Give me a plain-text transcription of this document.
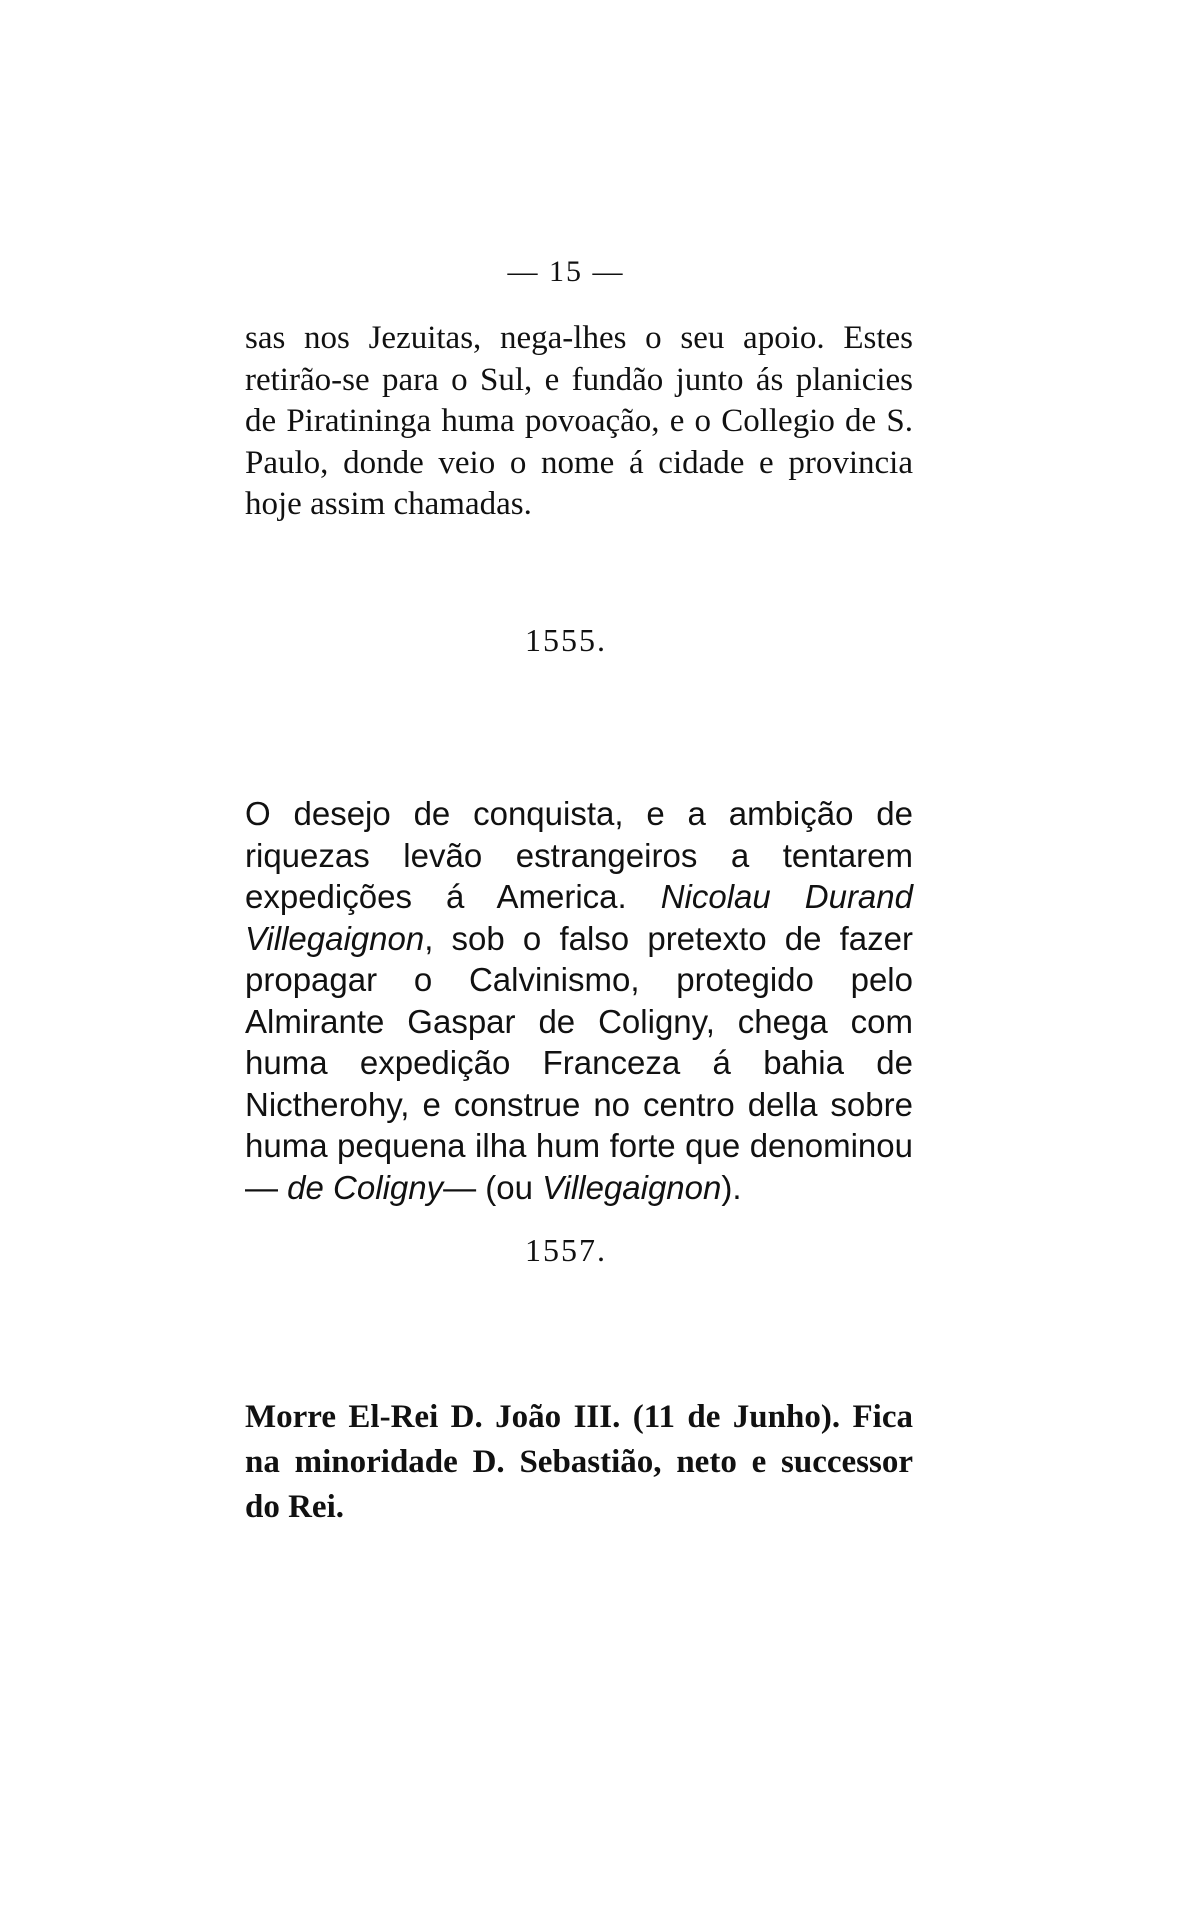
— 15 —

sas nos Jezuitas, nega-lhes o seu apoio. Estes retirão-se para o Sul, e fundão junto ás planicies de Piratininga huma povoação, e o Collegio de S. Paulo, donde veio o nome á cidade e provincia hoje assim chamadas.

1555.

O desejo de conquista, e a ambição de riquezas levão estrangeiros a tentarem expedições á America. Nicolau Durand Villegaignon, sob o falso pretexto de fazer propagar o Calvinismo, protegido pelo Almirante Gaspar de Coligny, chega com huma expedição Franceza á bahia de Nictherohy, e construe no centro della sobre huma pequena ilha hum forte que denominou— de Coligny— (ou Villegaignon).

1557.

Morre El-Rei D. João III. (11 de Junho). Fica na minoridade D. Sebastião, neto e successor do Rei.
